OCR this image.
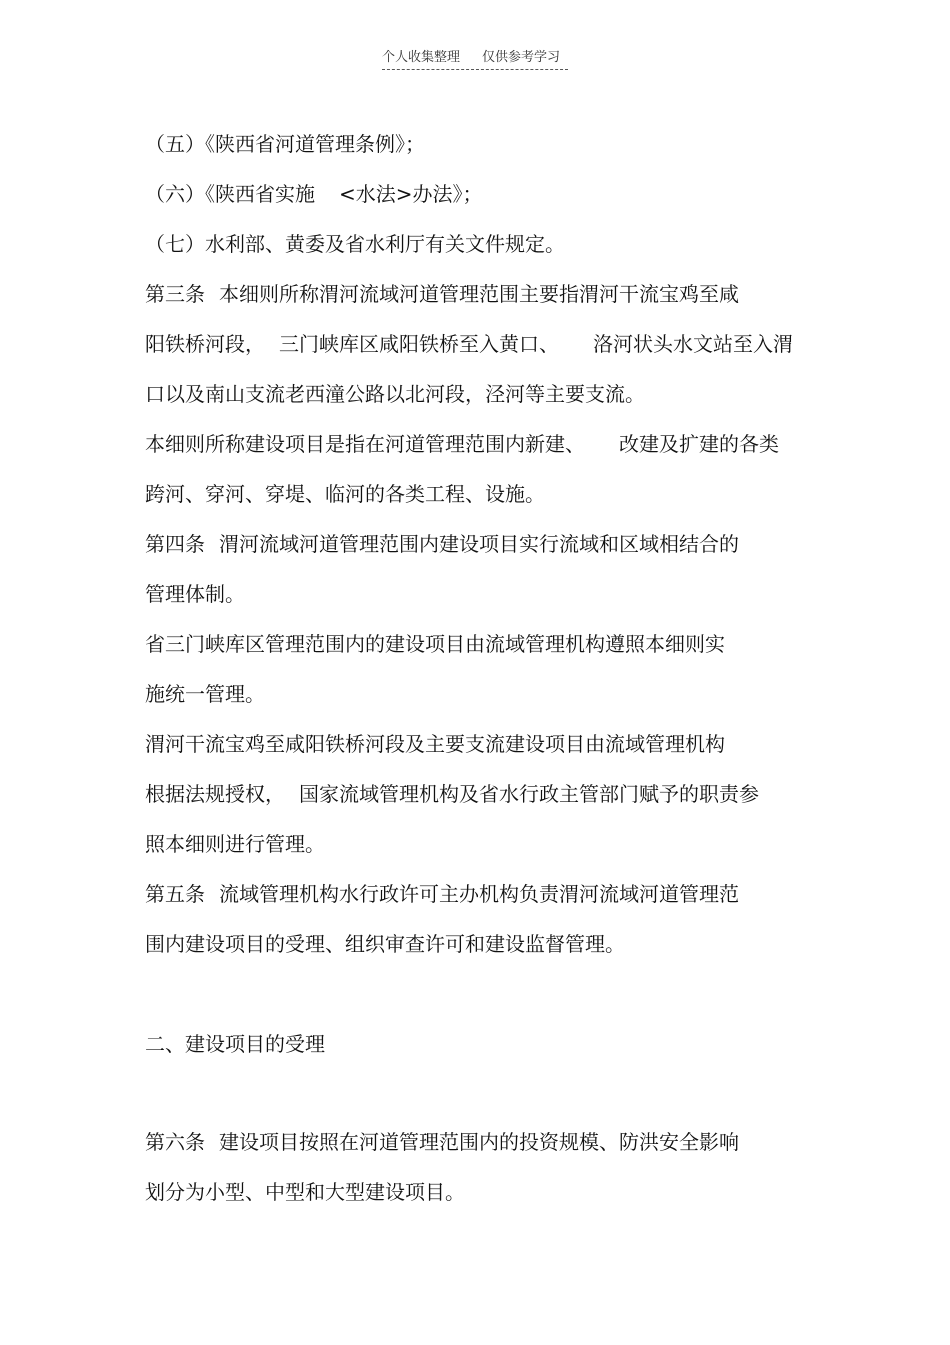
个人收集整理 仅供参考学习
（五）《陕西省河道管理条例》；
（六）《陕西省实施 <水法>办法》；
（七）水利部、黄委及省水利厅有关文件规定。
第三条 本细则所称渭河流域河道管理范围主要指渭河干流宝鸡至咸
阳铁桥河段， 三门峡库区咸阳铁桥至入黄口、 洛河状头水文站至入渭
口以及南山支流老西潼公路以北河段，泾河等主要支流。
本细则所称建设项目是指在河道管理范围内新建、 改建及扩建的各类
跨河、穿河、穿堤、临河的各类工程、设施。
第四条 渭河流域河道管理范围内建设项目实行流域和区域相结合的
管理体制。
省三门峡库区管理范围内的建设项目由流域管理机构遵照本细则实
施统一管理。
渭河干流宝鸡至咸阳铁桥河段及主要支流建设项目由流域管理机构
根据法规授权， 国家流域管理机构及省水行政主管部门赋予的职责参
照本细则进行管理。
第五条 流域管理机构水行政许可主办机构负责渭河流域河道管理范
围内建设项目的受理、组织审查许可和建设监督管理。
二、建设项目的受理
第六条 建设项目按照在河道管理范围内的投资规模、防洪安全影响
划分为小型、中型和大型建设项目。
